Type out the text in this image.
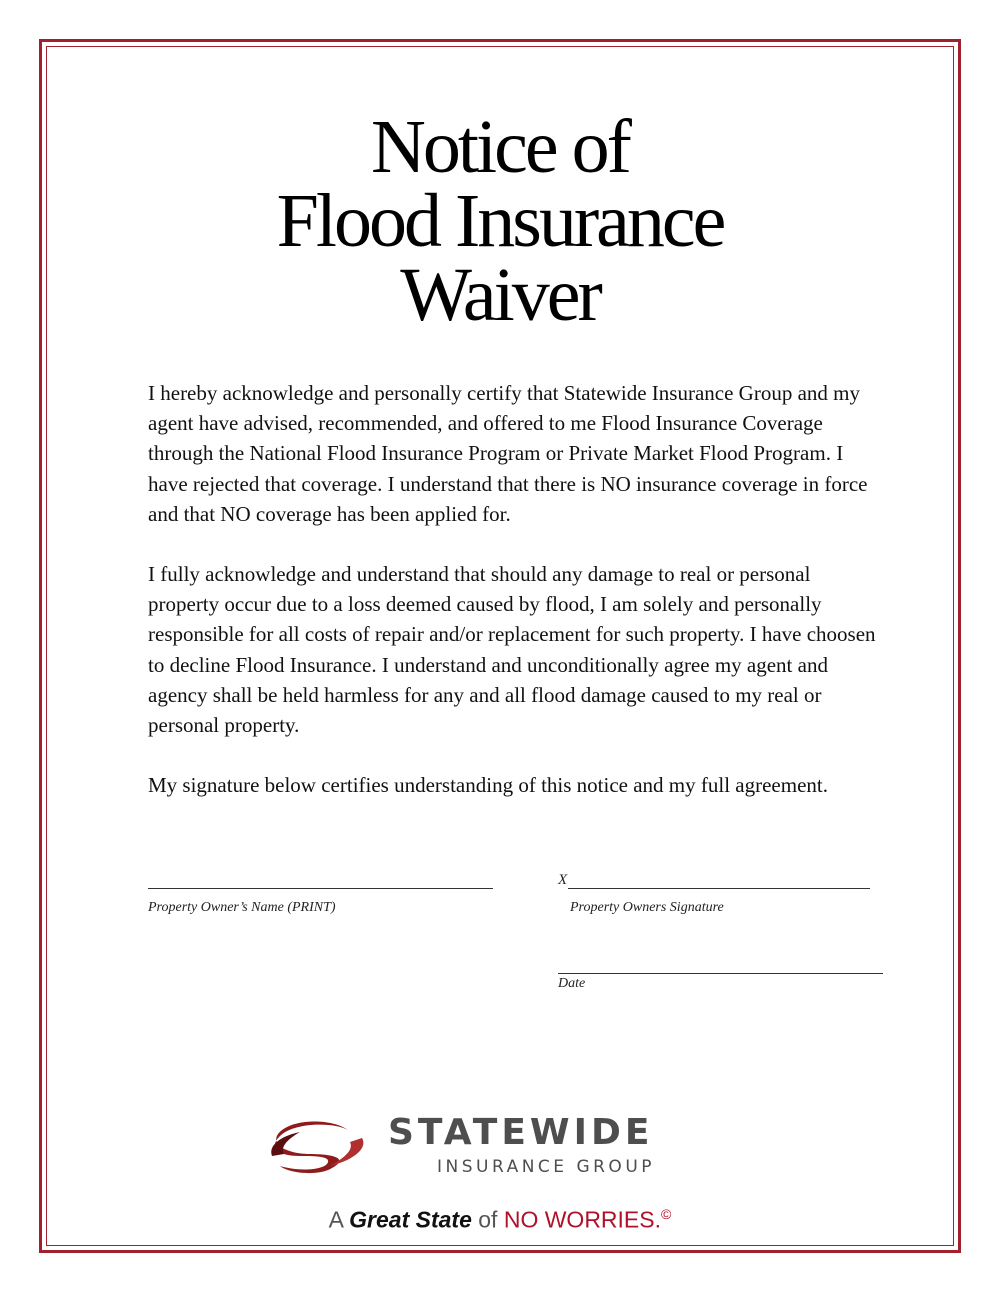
Notice of
Flood Insurance
Waiver

I hereby acknowledge and personally certify that Statewide Insurance Group and my agent have advised, recommended, and offered to me Flood Insurance Coverage through the National Flood Insurance Program or Private Market Flood Program. I have rejected that coverage. I understand that there is NO insurance coverage in force and that NO coverage has been applied for.

I fully acknowledge and understand that should any damage to real or personal property occur due to a loss deemed caused by flood, I am solely and personally responsible for all costs of repair and/or replacement for such property. I have choosen to decline Flood Insurance. I understand and unconditionally agree my agent and agency shall be held harmless for any and all flood damage caused to my real or personal property.

My signature below certifies understanding of this notice and my full agreement.

Property Owner’s Name (PRINT)
X
Property Owners Signature
Date
STATEWIDE
INSURANCE GROUP
A Great State of NO WORRIES.©
